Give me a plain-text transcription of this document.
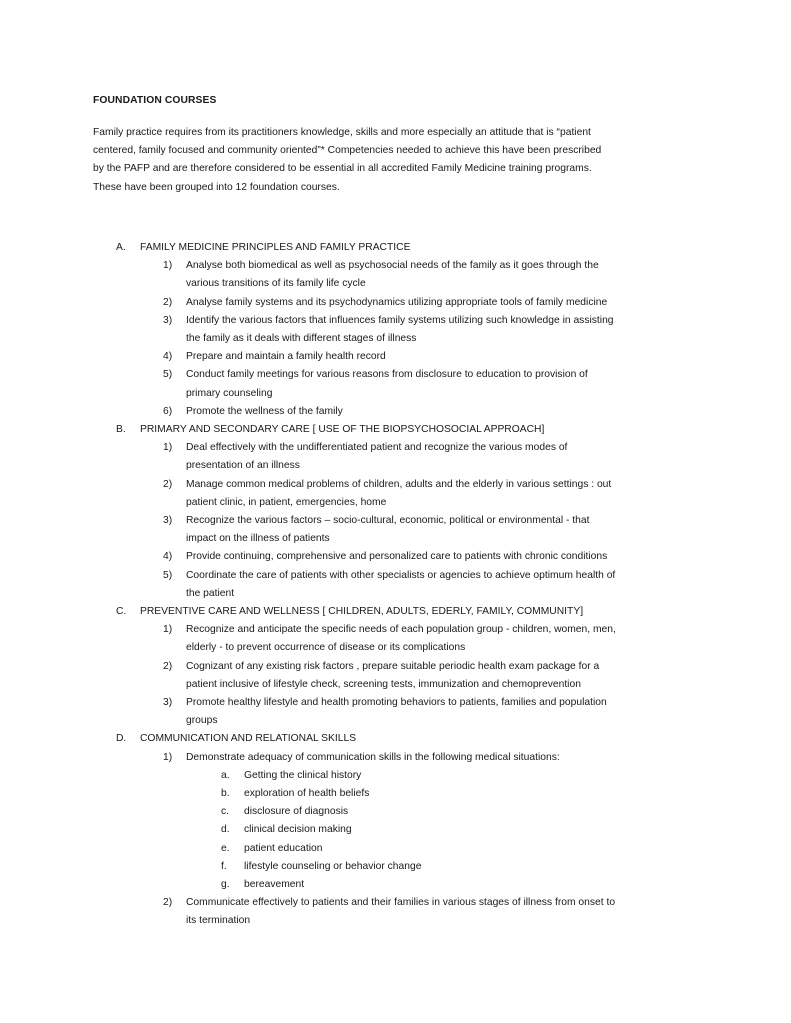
FOUNDATION COURSES

Family practice requires from its practitioners knowledge, skills and more especially an attitude that is “patient
centered, family focused and community oriented”* Competencies needed to achieve this have been prescribed
by the PAFP and are therefore considered to be essential in all accredited Family Medicine training programs.
These have been grouped into 12 foundation courses.

A. FAMILY MEDICINE PRINCIPLES AND FAMILY PRACTICE
1) Analyse both biomedical as well as psychosocial needs of the family as it goes through the
various transitions of its family life cycle
2) Analyse family systems and its psychodynamics utilizing appropriate tools of family medicine
3) Identify the various factors that influences family systems utilizing such knowledge in assisting
the family as it deals with different stages of illness
4) Prepare and maintain a family health record
5) Conduct family meetings for various reasons from disclosure to education to provision of
primary counseling
6) Promote the wellness of the family
B. PRIMARY AND SECONDARY CARE [ USE OF THE BIOPSYCHOSOCIAL APPROACH]
1) Deal effectively with the undifferentiated patient and recognize the various modes of
presentation of an illness
2) Manage common medical problems of children, adults and the elderly in various settings : out
patient clinic, in patient, emergencies, home
3) Recognize the various factors – socio-cultural, economic, political or environmental - that
impact on the illness of patients
4) Provide continuing, comprehensive and personalized care to patients with chronic conditions
5) Coordinate the care of patients with other specialists or agencies to achieve optimum health of
the patient
C. PREVENTIVE CARE AND WELLNESS [ CHILDREN, ADULTS, EDERLY, FAMILY, COMMUNITY]
1) Recognize and anticipate the specific needs of each population group - children, women, men,
elderly - to prevent occurrence of disease or its complications
2) Cognizant of any existing risk factors , prepare suitable periodic health exam package for a
patient inclusive of lifestyle check, screening tests, immunization and chemoprevention
3) Promote healthy lifestyle and health promoting behaviors to patients, families and population
groups
D. COMMUNICATION AND RELATIONAL SKILLS
1) Demonstrate adequacy of communication skills in the following medical situations:
a. Getting the clinical history
b. exploration of health beliefs
c. disclosure of diagnosis
d. clinical decision making
e. patient education
f. lifestyle counseling or behavior change
g. bereavement
2) Communicate effectively to patients and their families in various stages of illness from onset to
its termination
